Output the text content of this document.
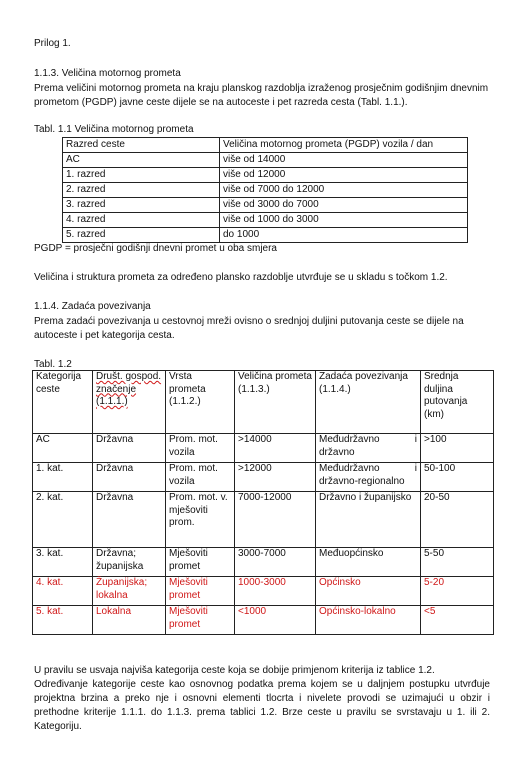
Prilog 1.
1.1.3. Veličina motornog prometa
Prema veličini motornog prometa na kraju planskog razdoblja izraženog prosječnim godišnjim dnevnim prometom (PGDP) javne ceste dijele se na autoceste i pet razreda cesta (Tabl. 1.1.).
Tabl. 1.1 Veličina motornog prometa
Razred ceste	Veličina motornog prometa (PGDP) vozila / dan
AC	više od 14000
1. razred	više od 12000
2. razred	više od 7000 do 12000
3. razred	više od 3000 do 7000
4. razred	više od 1000 do 3000
5. razred	do 1000
PGDP = prosječni godišnji dnevni promet u oba smjera
Veličina i struktura prometa za određeno plansko razdoblje utvrđuje se u skladu s točkom 1.2.
1.1.4. Zadaća povezivanja
Prema zadaći povezivanja u cestovnoj mreži ovisno o srednjoj duljini putovanja ceste se dijele na autoceste i pet kategorija cesta.
Tabl. 1.2
Kategorija ceste	Društ. gospod. značenje (1.1.1.)	Vrsta prometa (1.1.2.)	Veličina prometa (1.1.3.)	Zadaća povezivanja (1.1.4.)	Srednja duljina putovanja (km)
AC	Državna	Prom. mot. vozila	>14000	Međudržavno i državno	>100
1. kat.	Državna	Prom. mot. vozila	>12000	Međudržavno i državno-regionalno	50-100
2. kat.	Državna	Prom. mot. v. mješoviti prom.	7000-12000	Državno i županijsko	20-50
3. kat.	Državna; županijska	Mješoviti promet	3000-7000	Međuopćinsko	5-50
4. kat.	Županijska; lokalna	Mješoviti promet	1000-3000	Općinsko	5-20
5. kat.	Lokalna	Mješoviti promet	<1000	Općinsko-lokalno	<5
U pravilu se usvaja najviša kategorija ceste koja se dobije primjenom kriterija iz tablice 1.2.
Određivanje kategorije ceste kao osnovnog podatka prema kojem se u daljnjem postupku utvrđuje projektna brzina a preko nje i osnovni elementi tlocrta i nivelete provodi se uzimajući u obzir i prethodne kriterije 1.1.1. do 1.1.3. prema tablici 1.2. Brze ceste u pravilu se svrstavaju u 1. ili 2. Kategoriju.
